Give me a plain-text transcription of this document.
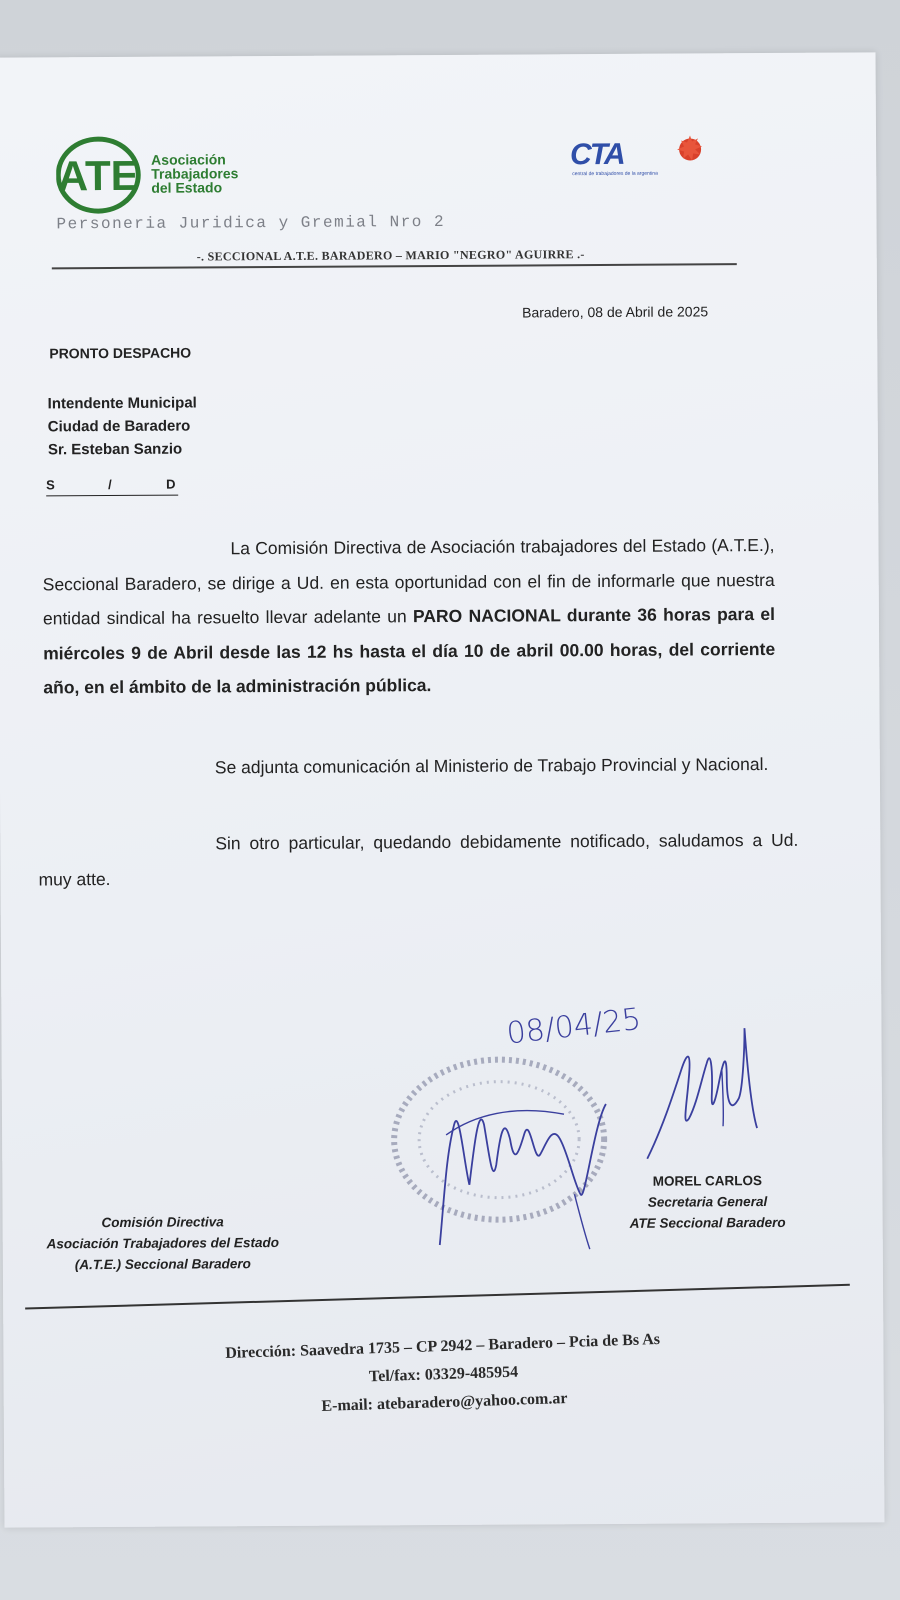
ATE Asociación
Trabajadores
del Estado
CTA
central de trabajadores de la argentina
Personeria Juridica y Gremial Nro 2
-. SECCIONAL A.T.E. BARADERO – MARIO "NEGRO" AGUIRRE .-
Baradero, 08 de Abril de 2025
PRONTO DESPACHO
Intendente Municipal
Ciudad de Baradero
Sr. Esteban Sanzio
S	/	D
La Comisión Directiva de Asociación trabajadores del Estado (A.T.E.), Seccional Baradero, se dirige a Ud. en esta oportunidad con el fin de informarle que nuestra entidad sindical ha resuelto llevar adelante un PARO NACIONAL durante 36 horas para el miércoles 9 de Abril desde las 12 hs hasta el día 10 de abril 00.00 horas, del corriente año, en el ámbito de la administración pública.
Se adjunta comunicación al Ministerio de Trabajo Provincial y Nacional.
Sin otro particular, quedando debidamente notificado, saludamos a Ud. muy atte.
08/04/25
Comisión Directiva
Asociación Trabajadores del Estado
(A.T.E.) Seccional Baradero
MOREL CARLOS
Secretaria General
ATE Seccional Baradero
Dirección: Saavedra 1735 – CP 2942 – Baradero – Pcia de Bs As
Tel/fax: 03329-485954
E-mail: atebaradero@yahoo.com.ar
